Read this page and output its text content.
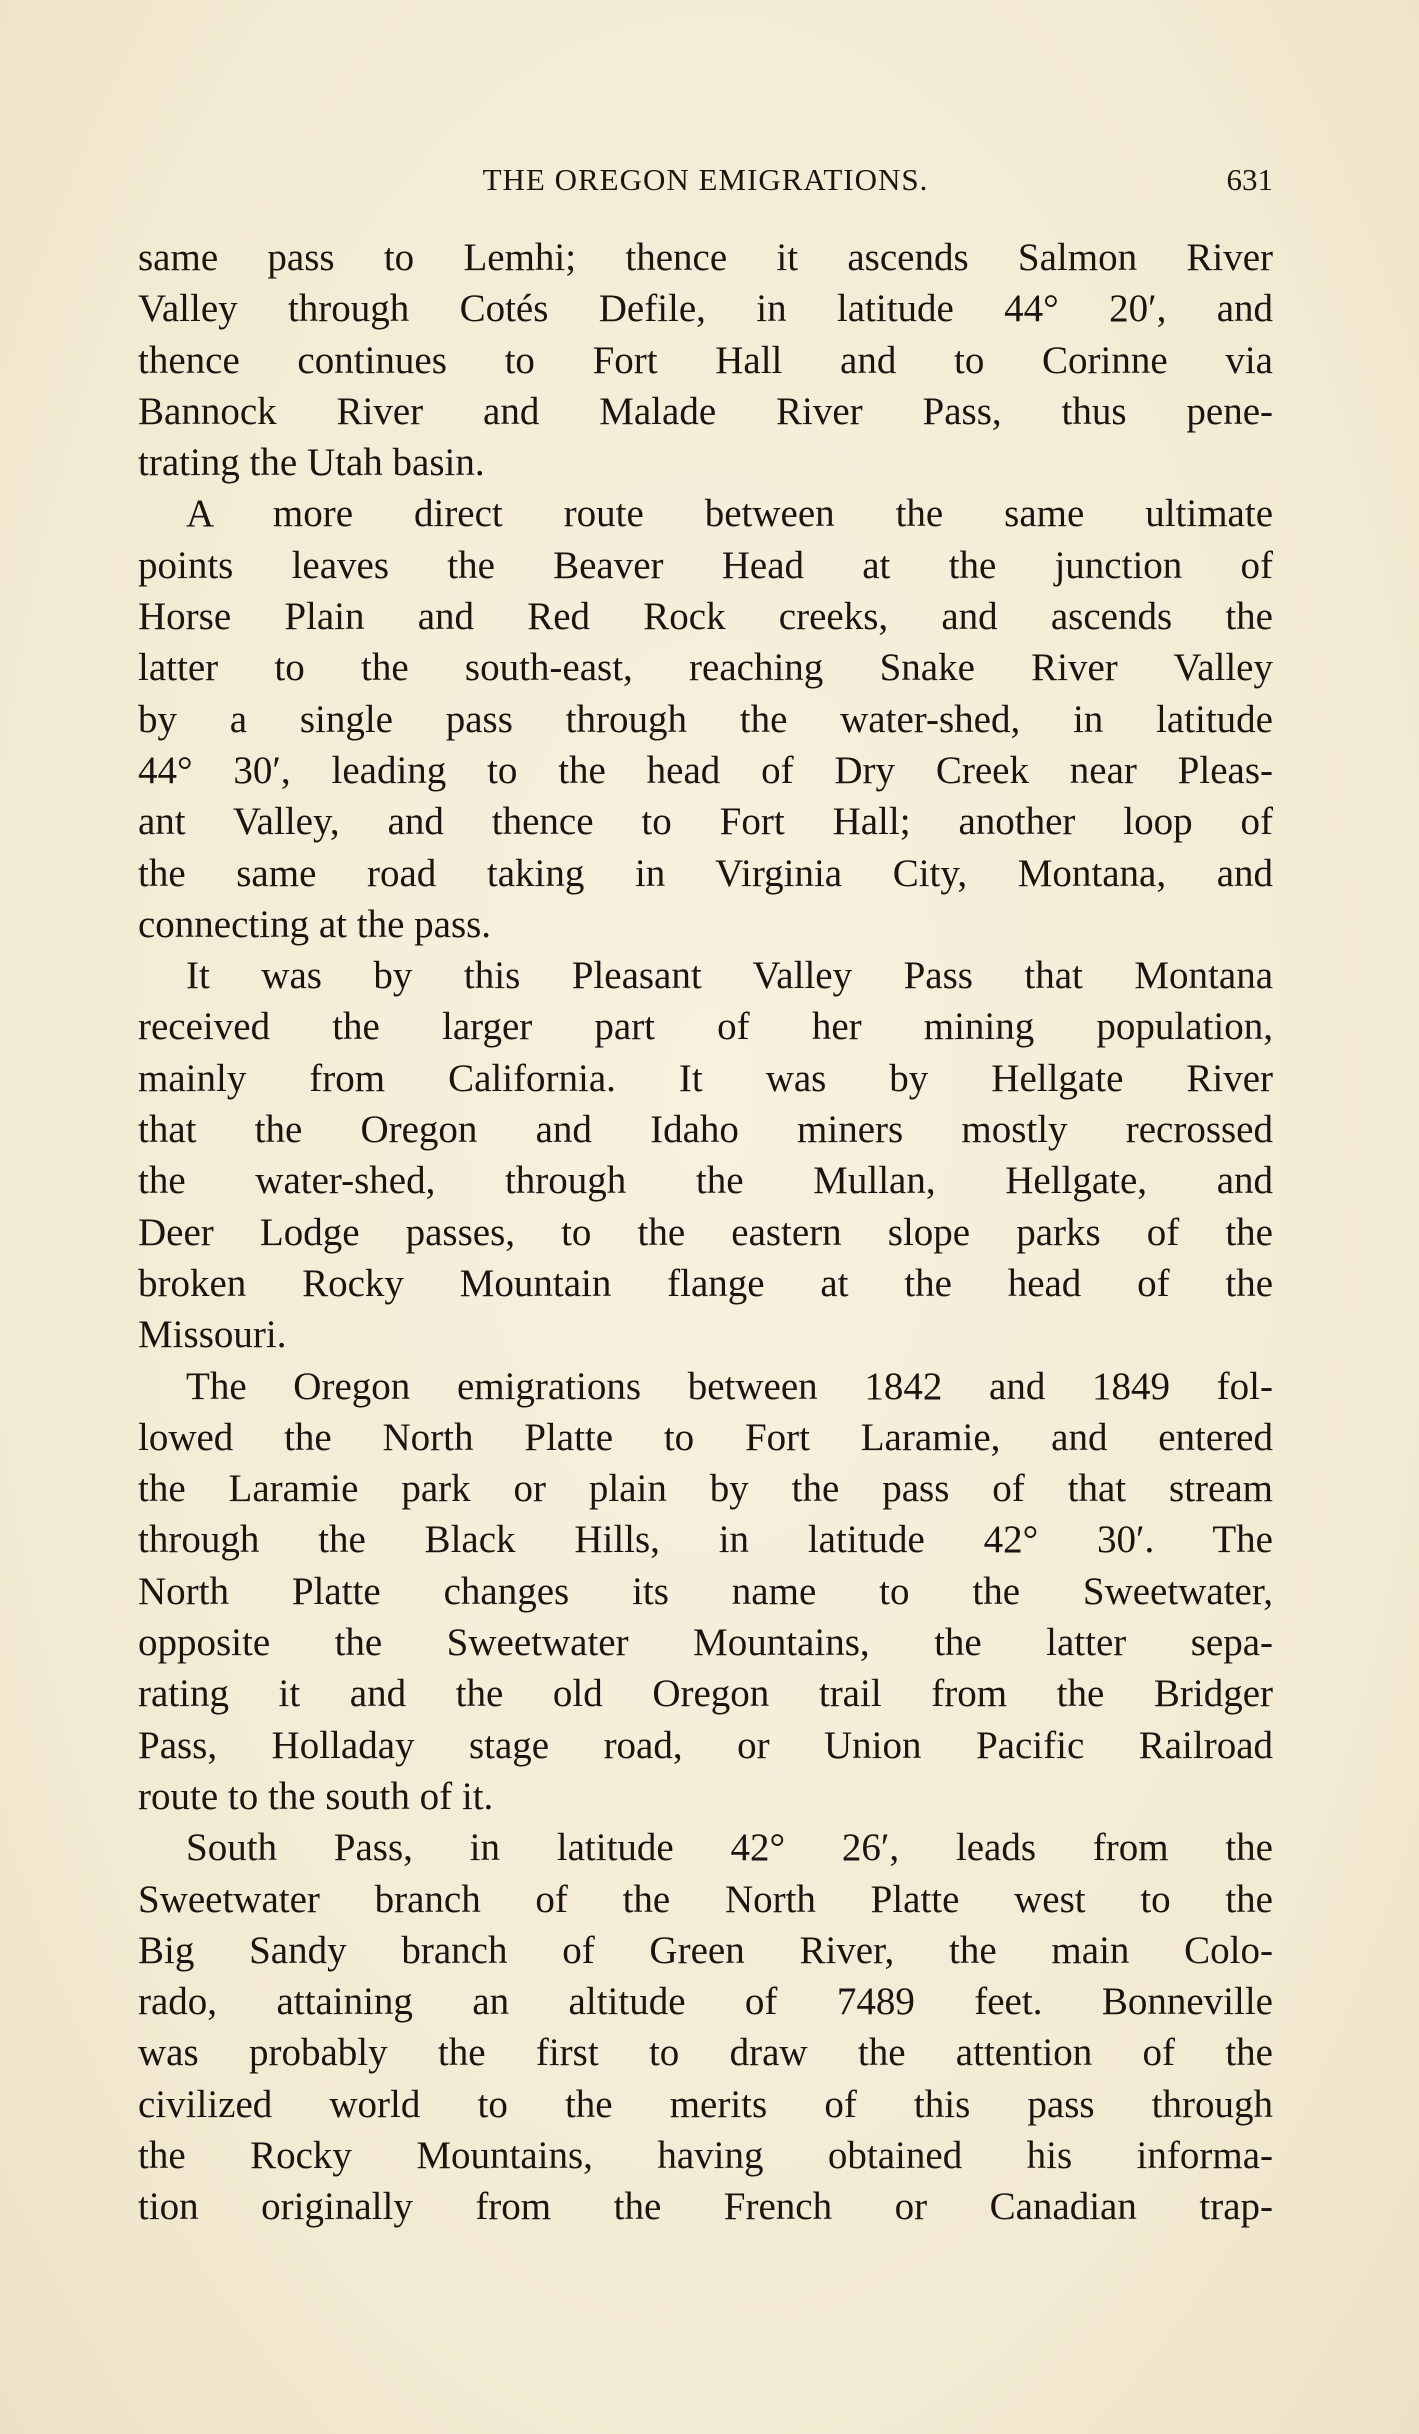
THE OREGON EMIGRATIONS.	631
same pass to Lemhi; thence it ascends Salmon River
Valley through Cotés Defile, in latitude 44° 20′, and
thence continues to Fort Hall and to Corinne via
Bannock River and Malade River Pass, thus pene-
trating the Utah basin.
A more direct route between the same ultimate
points leaves the Beaver Head at the junction of
Horse Plain and Red Rock creeks, and ascends the
latter to the south-east, reaching Snake River Valley
by a single pass through the water-shed, in latitude
44° 30′, leading to the head of Dry Creek near Pleas-
ant Valley, and thence to Fort Hall; another loop of
the same road taking in Virginia City, Montana, and
connecting at the pass.
It was by this Pleasant Valley Pass that Montana
received the larger part of her mining population,
mainly from California. It was by Hellgate River
that the Oregon and Idaho miners mostly recrossed
the water-shed, through the Mullan, Hellgate, and
Deer Lodge passes, to the eastern slope parks of the
broken Rocky Mountain flange at the head of the
Missouri.
The Oregon emigrations between 1842 and 1849 fol-
lowed the North Platte to Fort Laramie, and entered
the Laramie park or plain by the pass of that stream
through the Black Hills, in latitude 42° 30′. The
North Platte changes its name to the Sweetwater,
opposite the Sweetwater Mountains, the latter sepa-
rating it and the old Oregon trail from the Bridger
Pass, Holladay stage road, or Union Pacific Railroad
route to the south of it.
South Pass, in latitude 42° 26′, leads from the
Sweetwater branch of the North Platte west to the
Big Sandy branch of Green River, the main Colo-
rado, attaining an altitude of 7489 feet. Bonneville
was probably the first to draw the attention of the
civilized world to the merits of this pass through
the Rocky Mountains, having obtained his informa-
tion originally from the French or Canadian trap-
